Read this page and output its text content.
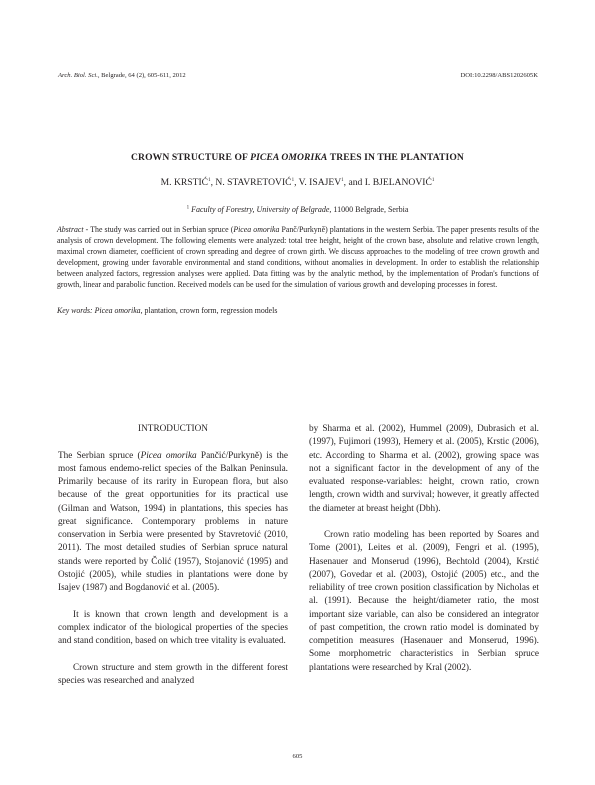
Arch. Biol. Sci., Belgrade, 64 (2), 605-611, 2012	DOI:10.2298/ABS1202605K
CROWN STRUCTURE OF PICEA OMORIKA TREES IN THE PLANTATION
M. KRSTIĆ$^1$, N. STAVRETOVIĆ$^1$, V. ISAJEV$^1$, and I. BJELANOVIĆ$^1$
$^1$ Faculty of Forestry, University of Belgrade, 11000 Belgrade, Serbia
Abstract - The study was carried out in Serbian spruce (Picea omorika Panč/Purkyně) plantations in the western Serbia. The paper presents results of the analysis of crown development. The following elements were analyzed: total tree height, height of the crown base, absolute and relative crown length, maximal crown diameter, coefficient of crown spreading and degree of crown girth. We discuss approaches to the modeling of tree crown growth and development, growing under favorable environmental and stand conditions, without anomalies in development. In order to establish the relationship between analyzed factors, regression analyses were applied. Data fitting was by the analytic method, by the implementation of Prodan's functions of growth, linear and parabolic function. Received models can be used for the simulation of various growth and developing processes in forest.
Key words: Picea omorika, plantation, crown form, regression models

INTRODUCTION

The Serbian spruce (Picea omorika Pančić/Purkyně) is the most famous endemo-relict species of the Balkan Peninsula. Primarily because of its rarity in European flora, but also because of the great opportunities for its practical use (Gilman and Watson, 1994) in plantations, this species has great significance. Contemporary problems in nature conservation in Serbia were presented by Stavretović (2010, 2011). The most detailed studies of Serbian spruce natural stands were reported by Čolić (1957), Stojanović (1995) and Ostojić (2005), while studies in plantations were done by Isajev (1987) and Bogdanović et al. (2005).

It is known that crown length and development is a complex indicator of the biological properties of the species and stand condition, based on which tree vitality is evaluated.

Crown structure and stem growth in the different forest species was researched and analyzed

by Sharma et al. (2002), Hummel (2009), Dubrasich et al. (1997), Fujimori (1993), Hemery et al. (2005), Krstic (2006), etc. According to Sharma et al. (2002), growing space was not a significant factor in the development of any of the evaluated response-variables: height, crown ratio, crown length, crown width and survival; however, it greatly affected the diameter at breast height (Dbh).

Crown ratio modeling has been reported by Soares and Tome (2001), Leites et al. (2009), Fengri et al. (1995), Hasenauer and Monserud (1996), Bechtold (2004), Krstić (2007), Govedar et al. (2003), Ostojić (2005) etc., and the reliability of tree crown position classification by Nicholas et al. (1991). Because the height/diameter ratio, the most important size variable, can also be considered an integrator of past competition, the crown ratio model is dominated by competition measures (Hasenauer and Monserud, 1996). Some morphometric characteristics in Serbian spruce plantations were researched by Kral (2002).

605
